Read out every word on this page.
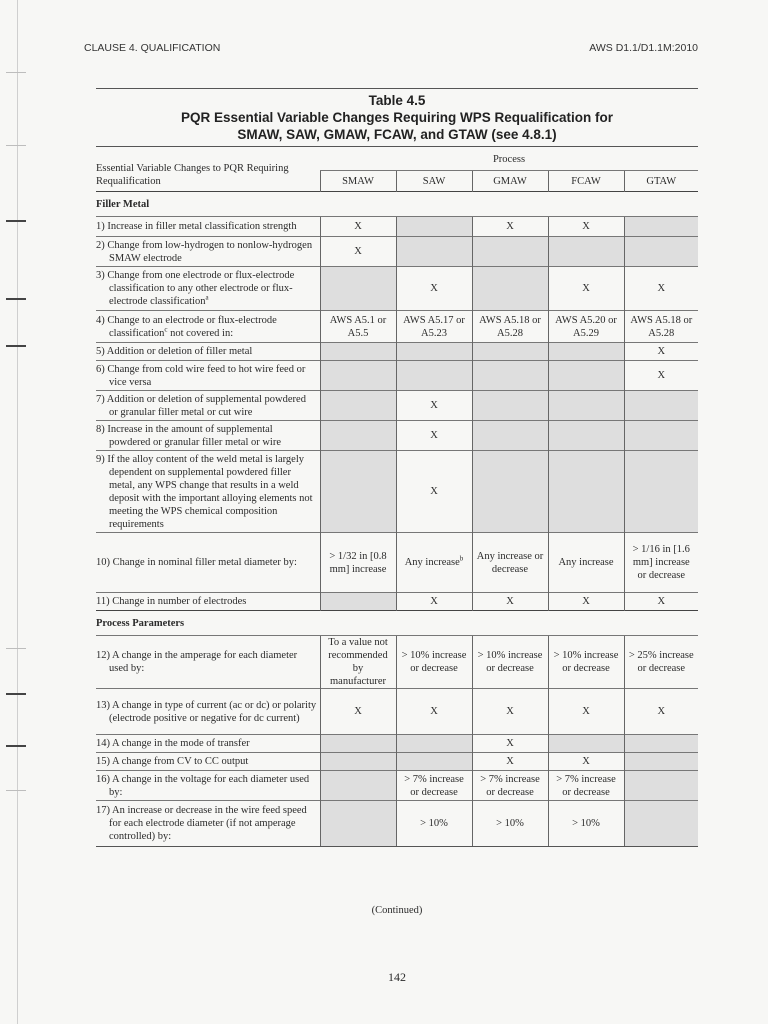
CLAUSE 4. QUALIFICATION	AWS D1.1/D1.1M:2010
Table 4.5
PQR Essential Variable Changes Requiring WPS Requalification for
SMAW, SAW, GMAW, FCAW, and GTAW (see 4.8.1)
Essential Variable Changes to PQR Requiring Requalification	Process				
	SMAW	SAW	GMAW	FCAW	GTAW
Filler Metal					

1) Increase in filler metal classification strength	X		X	X	

2) Change from low-hydrogen to nonlow-hydrogen SMAW electrode	X				

3) Change from one electrode or flux-electrode classification to any other electrode or flux-electrode classification$^a$		X		X	X

4) Change to an electrode or flux-electrode classification$^c$ not covered in:	AWS A5.1 or A5.5	AWS A5.17 or A5.23	AWS A5.18 or A5.28	AWS A5.20 or A5.29	AWS A5.18 or A5.28

5) Addition or deletion of filler metal					X

6) Change from cold wire feed to hot wire feed or vice versa					X

7) Addition or deletion of supplemental powdered or granular filler metal or cut wire		X			

8) Increase in the amount of supplemental powdered or granular filler metal or wire		X			

9) If the alloy content of the weld metal is largely dependent on supplemental powdered filler metal, any WPS change that results in a weld deposit with the important alloying elements not meeting the WPS chemical composition requirements		X			

10) Change in nominal filler metal diameter by:	> 1/32 in [0.8 mm] increase	Any increase$^b$	Any increase or decrease	Any increase	> 1/16 in [1.6 mm] increase or decrease

11) Change in number of electrodes		X	X	X	X
Process Parameters					

12) A change in the amperage for each diameter used by:	To a value not recommended by manufacturer	> 10% increase or decrease	> 10% increase or decrease	> 10% increase or decrease	> 25% increase or decrease

13) A change in type of current (ac or dc) or polarity (electrode positive or negative for dc current)	X	X	X	X	X

14) A change in the mode of transfer			X		

15) A change from CV to CC output			X	X	

16) A change in the voltage for each diameter used by:		> 7% increase or decrease	> 7% increase or decrease	> 7% increase or decrease	

17) An increase or decrease in the wire feed speed for each electrode diameter (if not amperage controlled) by:		> 10%	> 10%	> 10%	
(Continued)
142
